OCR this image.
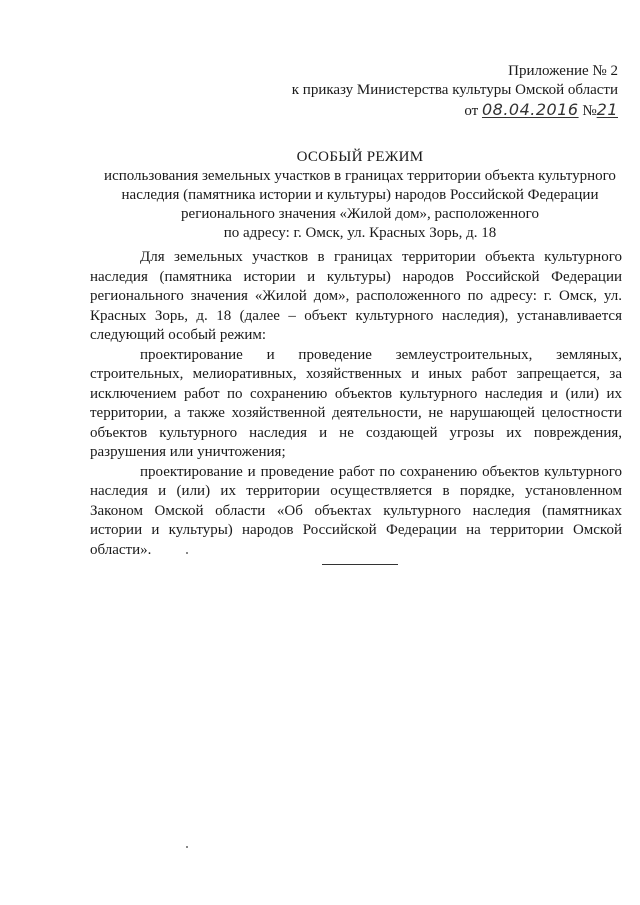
Приложение № 2
к приказу Министерства культуры Омской области
от 08.04.2016 №21
ОСОБЫЙ РЕЖИМ
использования земельных участков в границах территории объекта культурного
наследия (памятника истории и культуры) народов Российской Федерации
регионального значения «Жилой дом», расположенного
по адресу: г. Омск, ул. Красных Зорь, д. 18

Для земельных участков в границах территории объекта культурного наследия (памятника истории и культуры) народов Российской Федерации регионального значения «Жилой дом», расположенного по адресу: г. Омск, ул. Красных Зорь, д. 18 (далее – объект культурного наследия), устанавливается следующий особый режим:

проектирование и проведение землеустроительных, земляных, строительных, мелиоративных, хозяйственных и иных работ запрещается, за исключением работ по сохранению объектов культурного наследия и (или) их территории, а также хозяйственной деятельности, не нарушающей целостности объектов культурного наследия и не создающей угрозы их повреждения, разрушения или уничтожения;

проектирование и проведение работ по сохранению объектов культурного наследия и (или) их территории осуществляется в порядке, установленном Законом Омской области «Об объектах культурного наследия (памятниках истории и культуры) народов Российской Федерации на территории Омской области».
